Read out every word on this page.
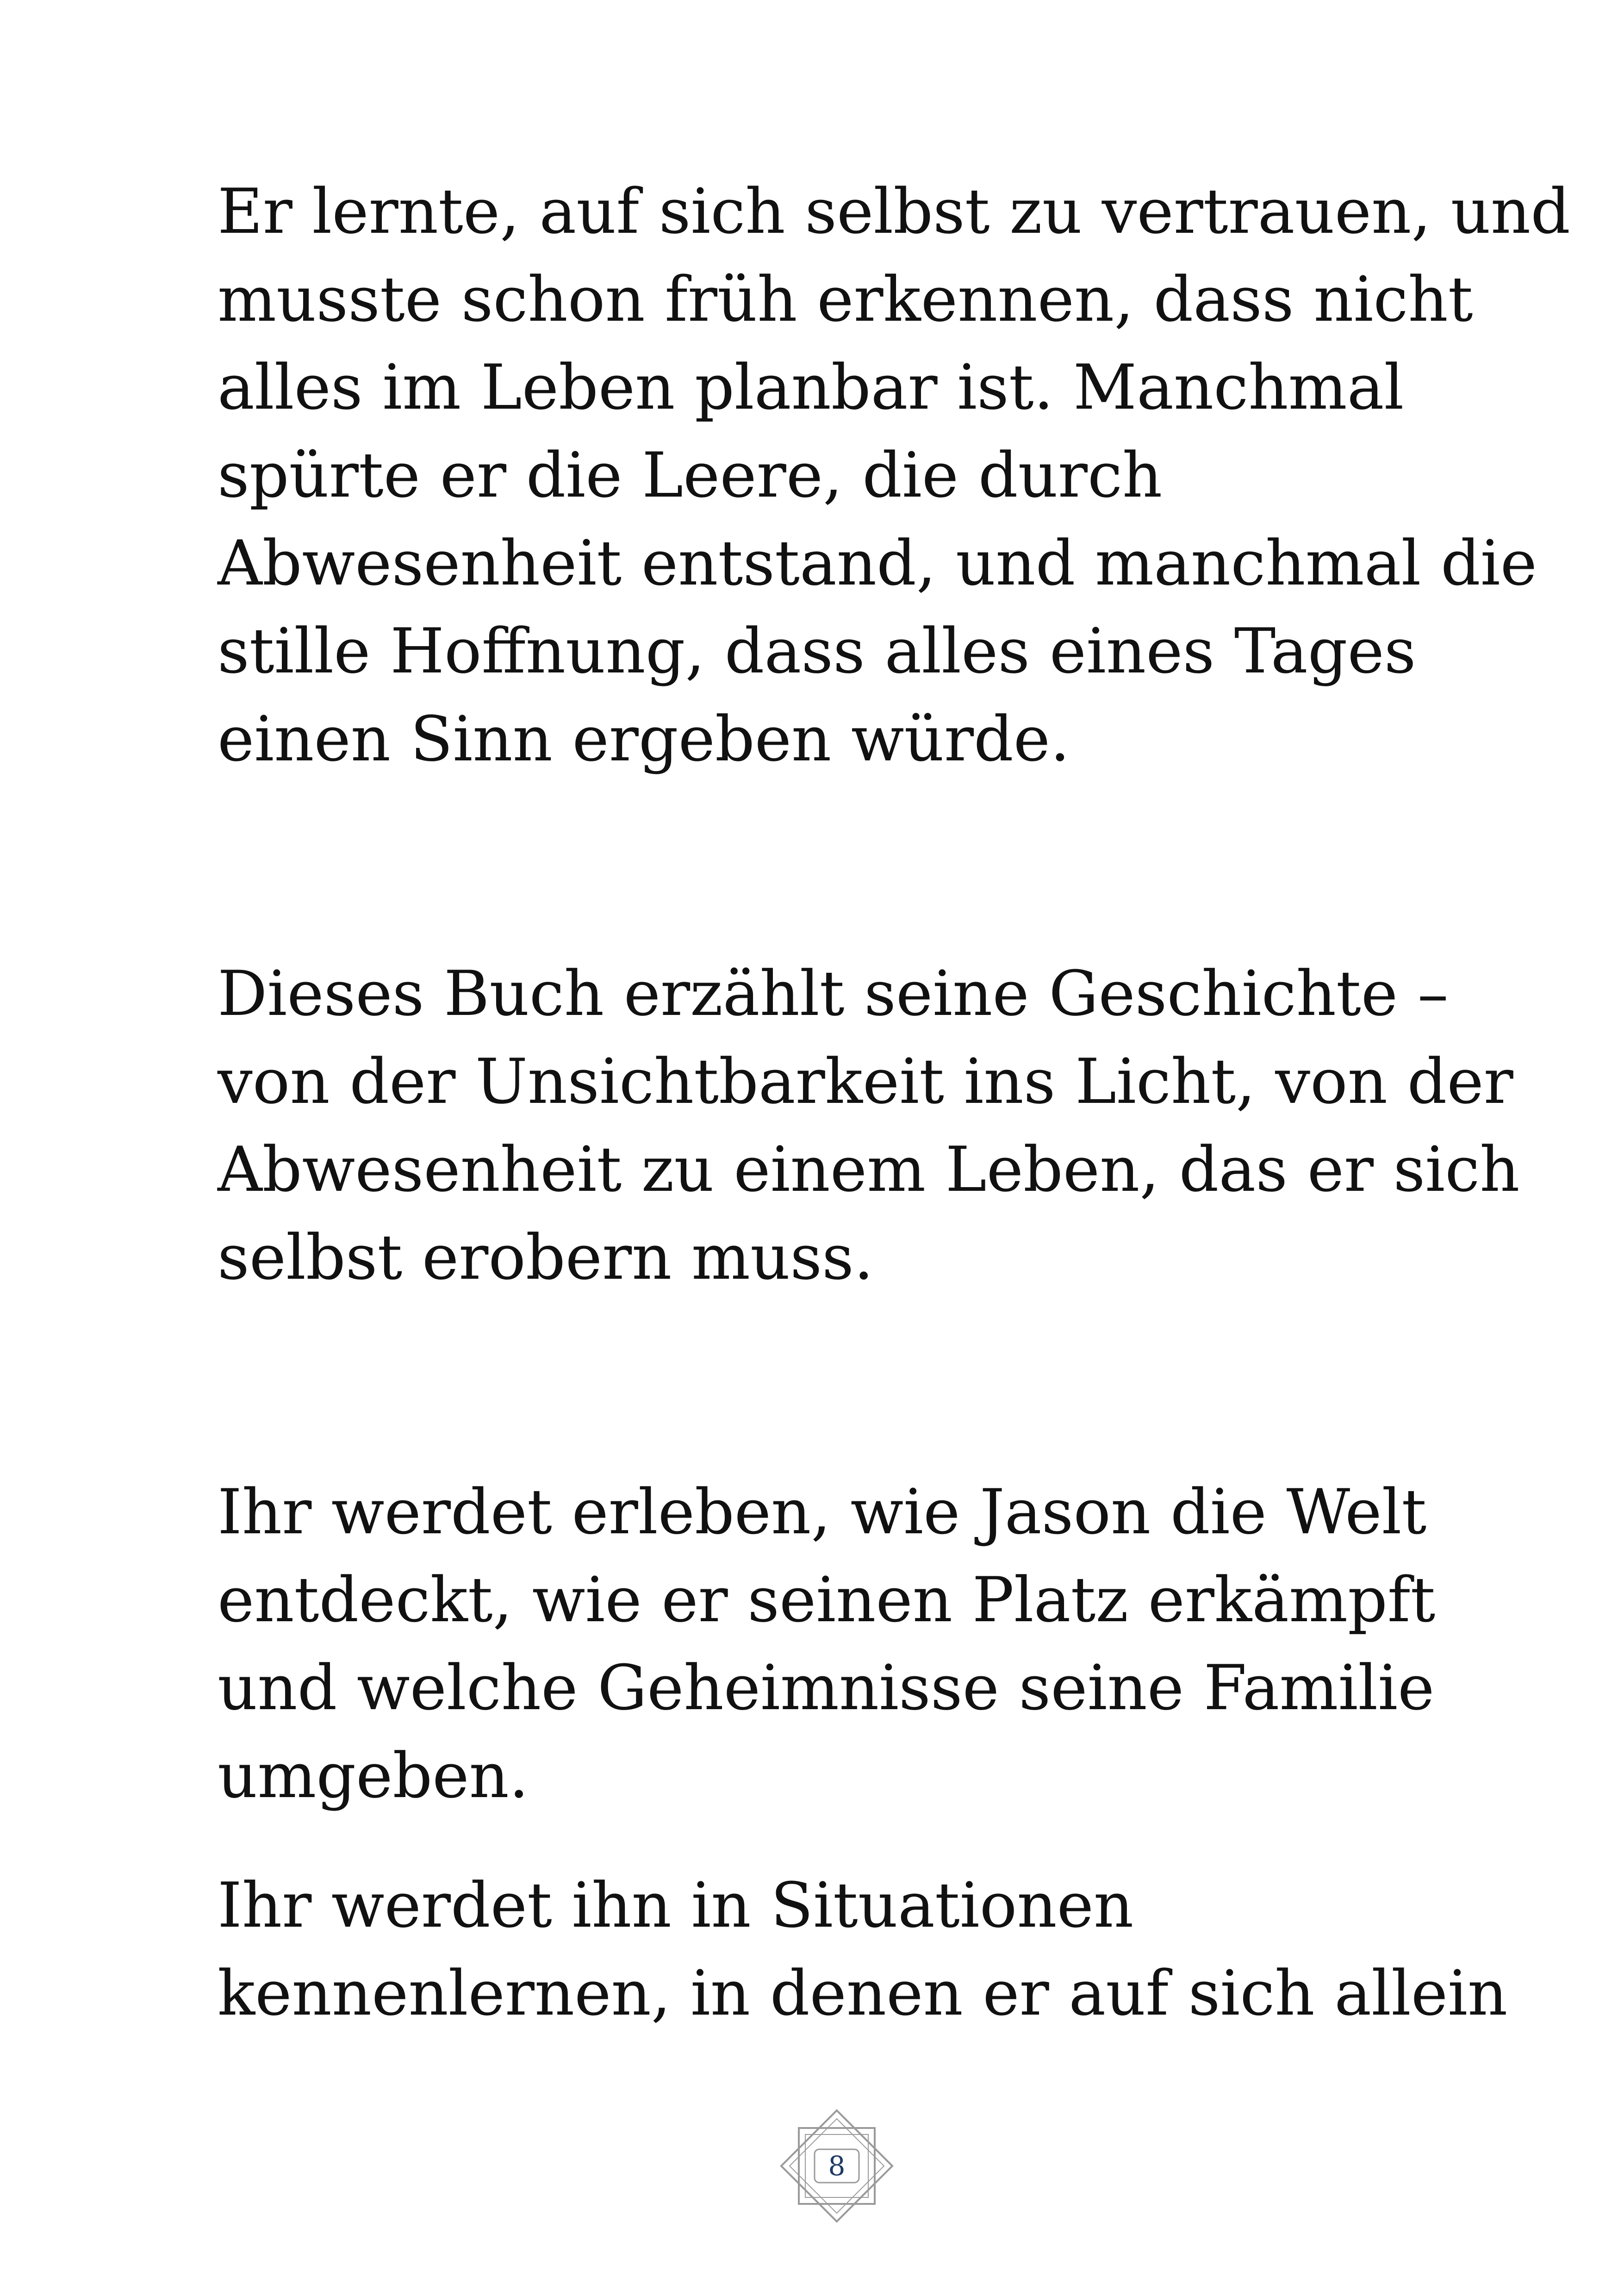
Er lernte, auf sich selbst zu vertrauen, und
musste schon früh erkennen, dass nicht
alles im Leben planbar ist. Manchmal
spürte er die Leere, die durch
Abwesenheit entstand, und manchmal die
stille Hoffnung, dass alles eines Tages
einen Sinn ergeben würde.
Dieses Buch erzählt seine Geschichte –
von der Unsichtbarkeit ins Licht, von der
Abwesenheit zu einem Leben, das er sich
selbst erobern muss.
Ihr werdet erleben, wie Jason die Welt
entdeckt, wie er seinen Platz erkämpft
und welche Geheimnisse seine Familie
umgeben.
Ihr werdet ihn in Situationen
kennenlernen, in denen er auf sich allein
8
